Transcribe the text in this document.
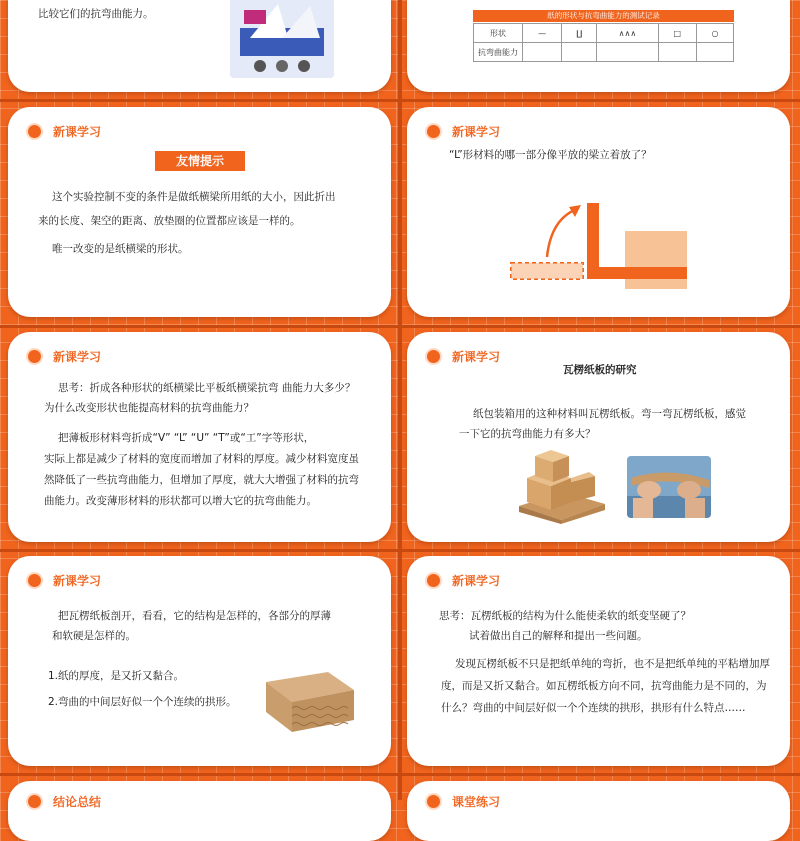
比较它们的抗弯曲能力。	纸的形状与抗弯曲能力的测试记录
形状	—	∐	∧∧∧	□	○
抗弯曲能力					
新课学习
友情提示
这个实验控制不变的条件是做纸横梁所用纸的大小，因此折出
来的长度、架空的距离、放垫圈的位置都应该是一样的。
唯一改变的是纸横梁的形状。
新课学习
“L”形材料的哪一部分像平放的梁立着放了？
新课学习
思考：折成各种形状的纸横梁比平板纸横梁抗弯 曲能力大多少？
为什么改变形状也能提高材料的抗弯曲能力？
把薄板形材料弯折成“V” “L” “U” “T”或“工”字等形状，
实际上都是减少了材料的宽度而增加了材料的厚度。减少材料宽度虽
然降低了一些抗弯曲能力，但增加了厚度，就大大增强了材料的抗弯
曲能力。改变薄形材料的形状都可以增大它的抗弯曲能力。
新课学习
瓦楞纸板的研究
纸包装箱用的这种材料叫瓦楞纸板。弯一弯瓦楞纸板，感觉
一下它的抗弯曲能力有多大？
新课学习
把瓦楞纸板剖开，看看，它的结构是怎样的，各部分的厚薄
和软硬是怎样的。
1.纸的厚度，是又折又黏合。
2.弯曲的中间层好似一个个连续的拱形。
新课学习
思考：瓦楞纸板的结构为什么能使柔软的纸变坚硬了？
试着做出自己的解释和提出一些问题。
发现瓦楞纸板不只是把纸单纯的弯折，也不是把纸单纯的平粘增加厚
度，而是又折又黏合。如瓦楞纸板方向不同，抗弯曲能力是不同的，为
什么？弯曲的中间层好似一个个连续的拱形，拱形有什么特点……
结论总结	课堂练习
